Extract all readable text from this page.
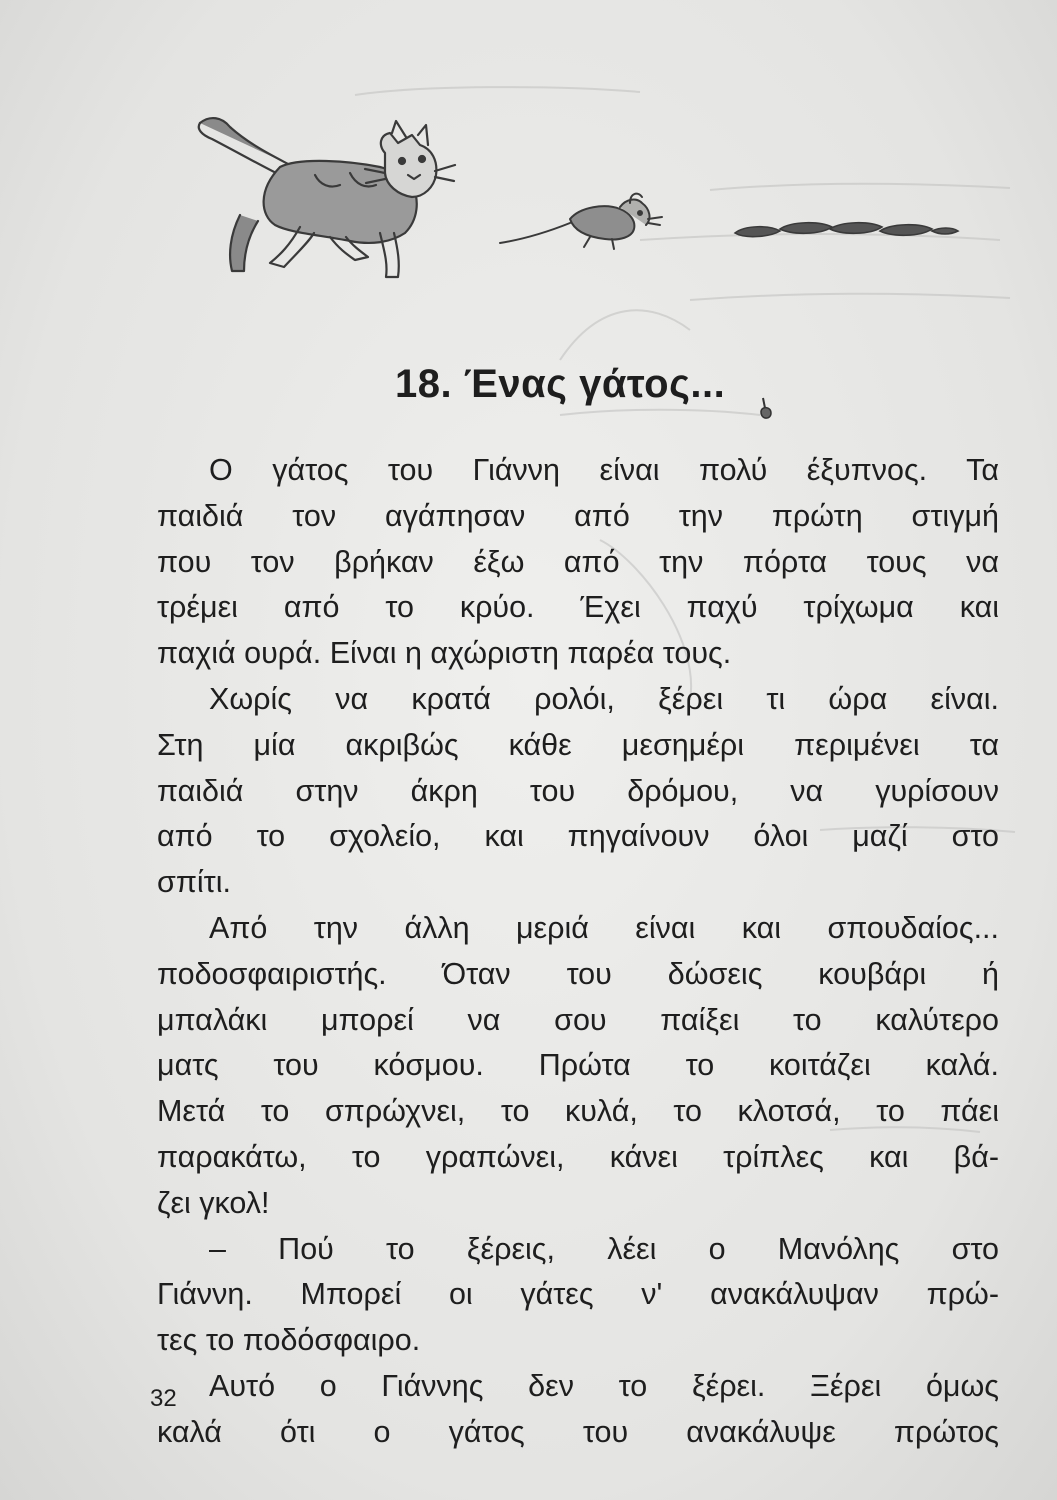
18. Ένας γάτος...
Ο γάτος του Γιάννη είναι πολύ έξυπνος. Τα
παιδιά τον αγάπησαν από την πρώτη στιγμή
που τον βρήκαν έξω από την πόρτα τους να
τρέμει από το κρύο. Έχει παχύ τρίχωμα και
παχιά ουρά. Είναι η αχώριστη παρέα τους.
Χωρίς να κρατά ρολόι, ξέρει τι ώρα είναι.
Στη μία ακριβώς κάθε μεσημέρι περιμένει τα
παιδιά στην άκρη του δρόμου, να γυρίσουν
από το σχολείο, και πηγαίνουν όλοι μαζί στο
σπίτι.
Από την άλλη μεριά είναι και σπουδαίος...
ποδοσφαιριστής. Όταν του δώσεις κουβάρι ή
μπαλάκι μπορεί να σου παίξει το καλύτερο
ματς του κόσμου. Πρώτα το κοιτάζει καλά.
Μετά το σπρώχνει, το κυλά, το κλοτσά, το πάει
παρακάτω, το γραπώνει, κάνει τρίπλες και βά-
ζει γκολ!
– Πού το ξέρεις, λέει ο Μανόλης στο
Γιάννη. Μπορεί οι γάτες ν' ανακάλυψαν πρώ-
τες το ποδόσφαιρο.
Αυτό ο Γιάννης δεν το ξέρει. Ξέρει όμως
καλά ότι ο γάτος του ανακάλυψε πρώτος
32
